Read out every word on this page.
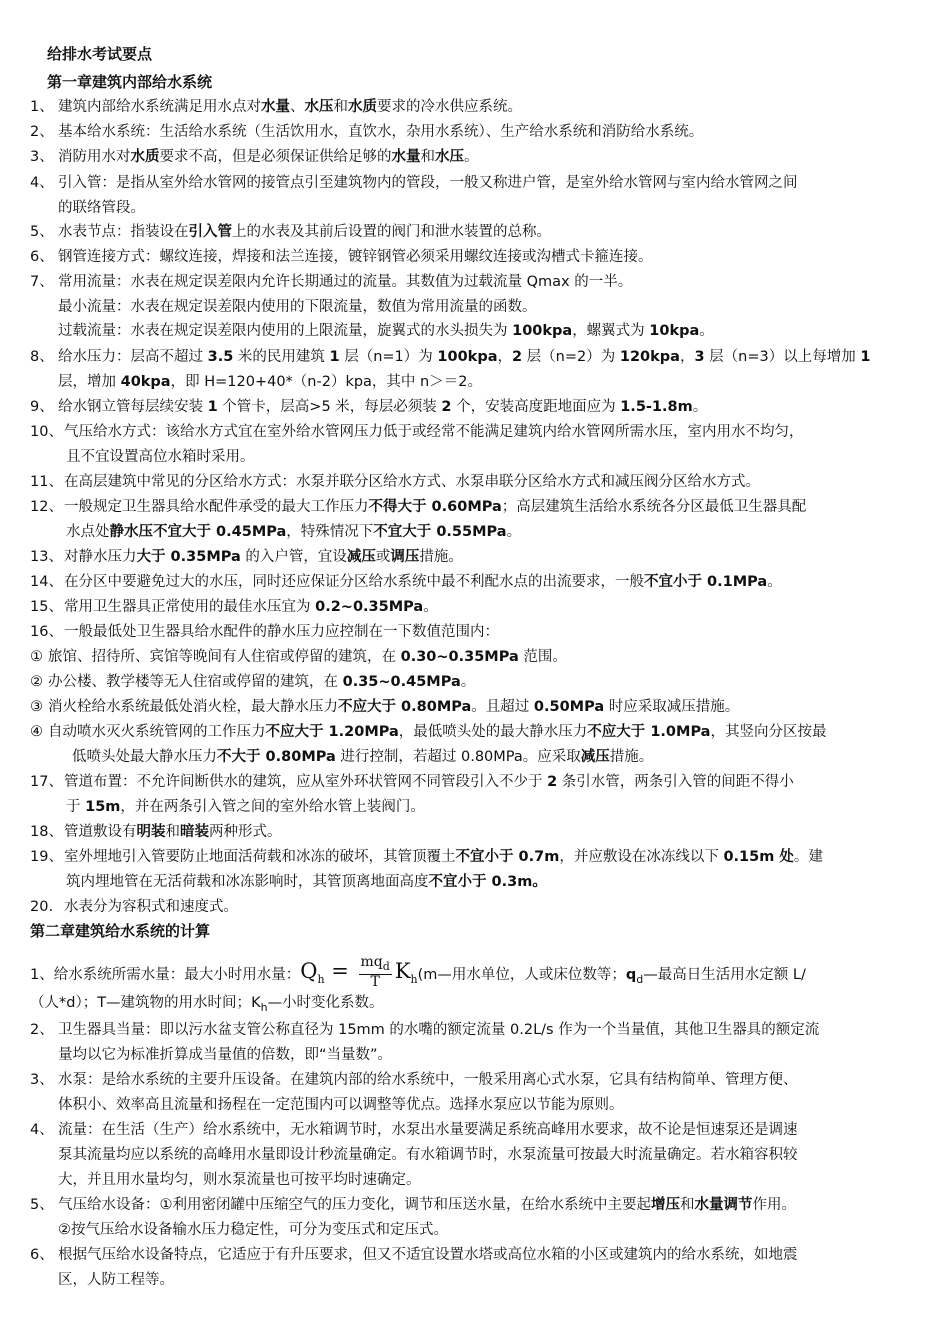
给排水考试要点
第一章建筑内部给水系统
1、 建筑内部给水系统满足用水点对水量、水压和水质要求的冷水供应系统。
2、 基本给水系统：生活给水系统（生活饮用水，直饮水，杂用水系统）、生产给水系统和消防给水系统。
3、 消防用水对水质要求不高，但是必须保证供给足够的水量和水压。
4、 引入管：是指从室外给水管网的接管点引至建筑物内的管段，一般又称进户管，是室外给水管网与室内给水管网之间
的联络管段。
5、 水表节点：指装设在引入管上的水表及其前后设置的阀门和泄水装置的总称。
6、 钢管连接方式：螺纹连接，焊接和法兰连接，镀锌钢管必须采用螺纹连接或沟槽式卡箍连接。
7、 常用流量：水表在规定误差限内允许长期通过的流量。其数值为过载流量 Qmax 的一半。
最小流量：水表在规定误差限内使用的下限流量，数值为常用流量的函数。
过载流量：水表在规定误差限内使用的上限流量，旋翼式的水头损失为 100kpa，螺翼式为 10kpa。
8、 给水压力：层高不超过 3.5 米的民用建筑 1 层（n=1）为 100kpa，2 层（n=2）为 120kpa，3 层（n=3）以上每增加 1
层，增加 40kpa，即 H=120+40*（n-2）kpa，其中 n＞＝2。
9、 给水钢立管每层续安装 1 个管卡，层高>5 米，每层必须装 2 个，安装高度距地面应为 1.5-1.8m。
10、气压给水方式：该给水方式宜在室外给水管网压力低于或经常不能满足建筑内给水管网所需水压，室内用水不均匀，
且不宜设置高位水箱时采用。
11、在高层建筑中常见的分区给水方式：水泵并联分区给水方式、水泵串联分区给水方式和减压阀分区给水方式。
12、一般规定卫生器具给水配件承受的最大工作压力不得大于 0.60MPa；高层建筑生活给水系统各分区最低卫生器具配
水点处静水压不宜大于 0.45MPa，特殊情况下不宜大于 0.55MPa。
13、对静水压力大于 0.35MPa 的入户管，宜设减压或调压措施。
14、在分区中要避免过大的水压，同时还应保证分区给水系统中最不利配水点的出流要求，一般不宜小于 0.1MPa。
15、常用卫生器具正常使用的最佳水压宜为 0.2~0.35MPa。
16、一般最低处卫生器具给水配件的静水压力应控制在一下数值范围内：
① 旅馆、招待所、宾馆等晚间有人住宿或停留的建筑，在 0.30~0.35MPa 范围。
② 办公楼、教学楼等无人住宿或停留的建筑，在 0.35~0.45MPa。
③ 消火栓给水系统最低处消火栓，最大静水压力不应大于 0.80MPa。且超过 0.50MPa 时应采取减压措施。
④ 自动喷水灭火系统管网的工作压力不应大于 1.20MPa，最低喷头处的最大静水压力不应大于 1.0MPa，其竖向分区按最
低喷头处最大静水压力不大于 0.80MPa 进行控制，若超过 0.80MPa。应采取减压措施。
17、管道布置：不允许间断供水的建筑，应从室外环状管网不同管段引入不少于 2 条引水管，两条引入管的间距不得小
于 15m，并在两条引入管之间的室外给水管上装阀门。
18、管道敷设有明装和暗装两种形式。
19、室外埋地引入管要防止地面活荷载和冰冻的破坏，其管顶覆土不宜小于 0.7m，并应敷设在冰冻线以下 0.15m 处。建
筑内埋地管在无活荷载和冰冻影响时，其管顶离地面高度不宜小于 0.3m。
20. 水表分为容积式和速度式。
第二章建筑给水系统的计算
1、给水系统所需水量：最大小时用水量：$Q_h = \frac{mq_d}{T}$ $K_h(m—$用水单位，人或床位数等；$q_d—$最高日生活用水定额 L/
（人*d）；T—建筑物的用水时间；$K_h—$小时变化系数。
2、 卫生器具当量：即以污水盆支管公称直径为 15mm 的水嘴的额定流量 0.2L/s 作为一个当量值，其他卫生器具的额定流
量均以它为标准折算成当量值的倍数，即“当量数”。
3、 水泵：是给水系统的主要升压设备。在建筑内部的给水系统中，一般采用离心式水泵，它具有结构简单、管理方便、
体积小、效率高且流量和扬程在一定范围内可以调整等优点。选择水泵应以节能为原则。
4、 流量：在生活（生产）给水系统中，无水箱调节时，水泵出水量要满足系统高峰用水要求，故不论是恒速泵还是调速
泵其流量均应以系统的高峰用水量即设计秒流量确定。有水箱调节时，水泵流量可按最大时流量确定。若水箱容积较
大，并且用水量均匀，则水泵流量也可按平均时速确定。
5、 气压给水设备：①利用密闭罐中压缩空气的压力变化，调节和压送水量，在给水系统中主要起增压和水量调节作用。
②按气压给水设备输水压力稳定性，可分为变压式和定压式。
6、 根据气压给水设备特点，它适应于有升压要求，但又不适宜设置水塔或高位水箱的小区或建筑内的给水系统，如地震
区，人防工程等。
